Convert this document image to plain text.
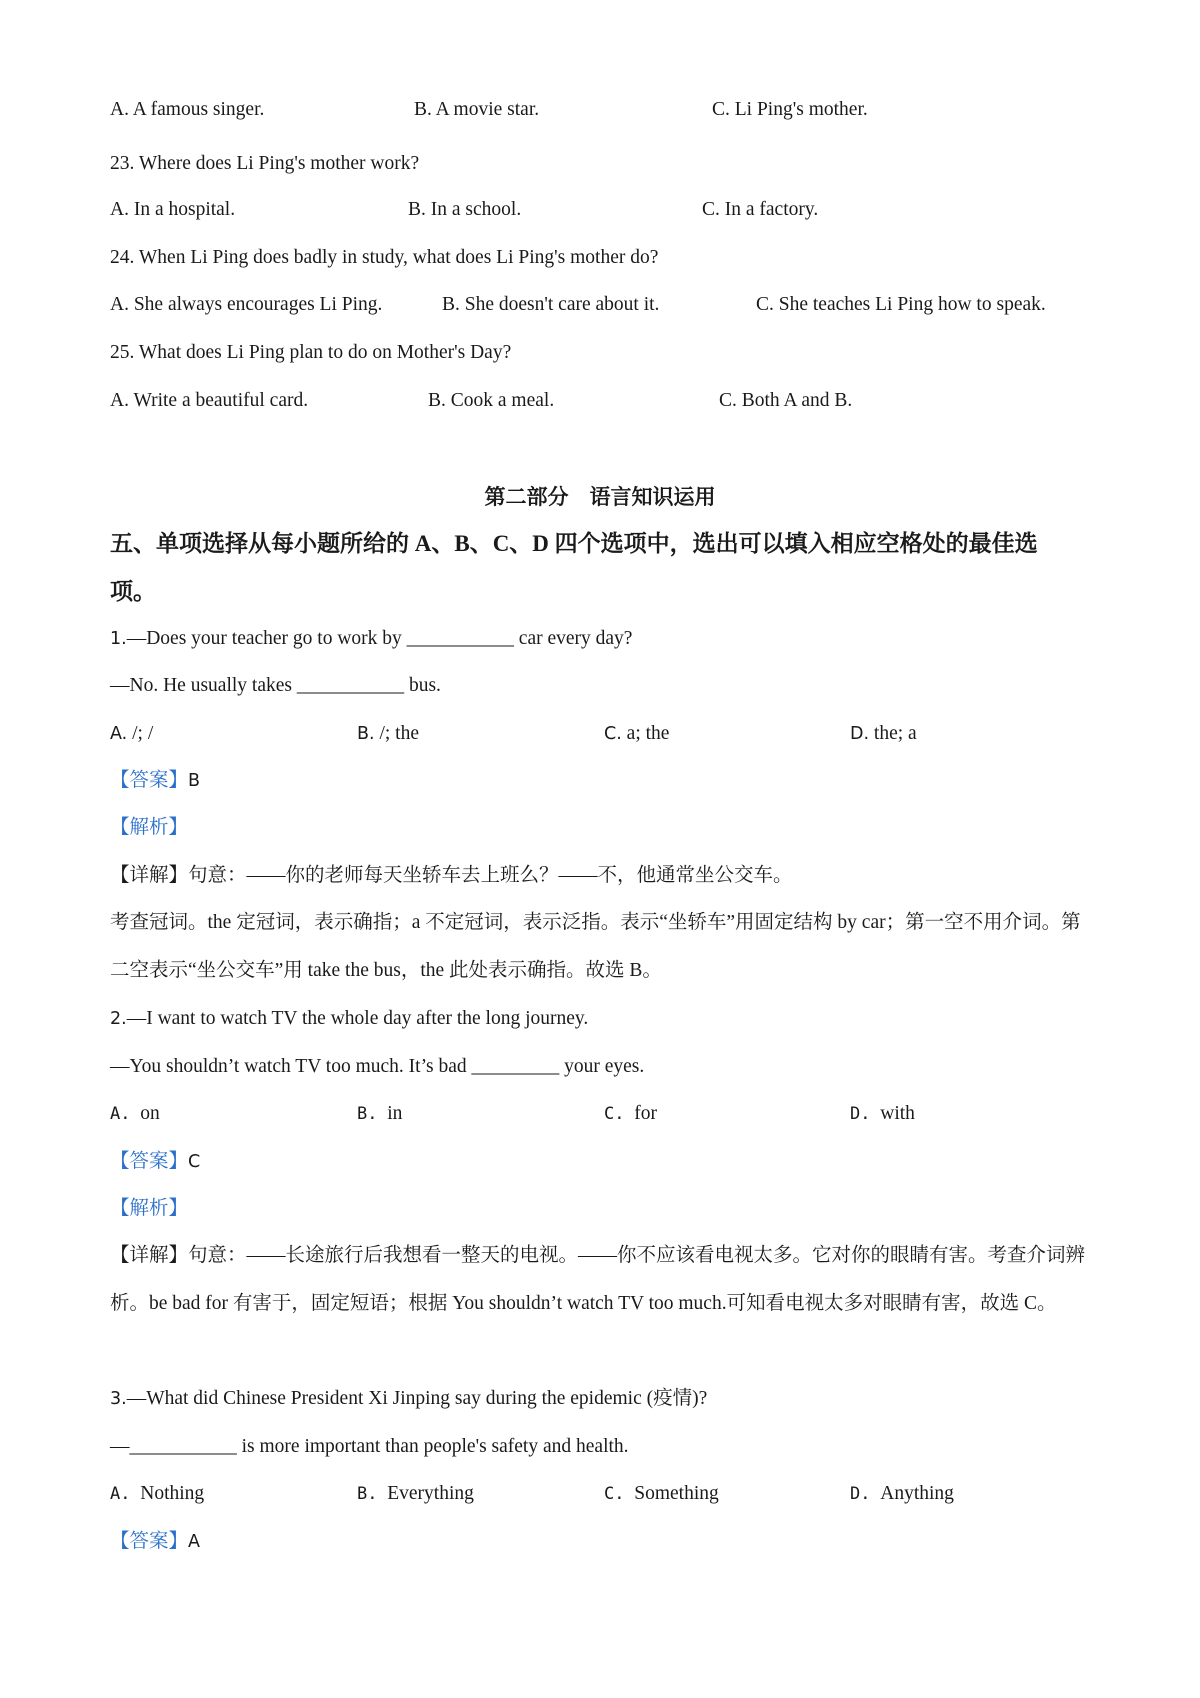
A. A famous singer.	B. A movie star.	C. Li Ping's mother.
23. Where does Li Ping's mother work?
A. In a hospital.	B. In a school.	C. In a factory.
24. When Li Ping does badly in study, what does Li Ping's mother do?
A. She always encourages Li Ping.	B. She doesn't care about it.	C. She teaches Li Ping how to speak.
25. What does Li Ping plan to do on Mother's Day?
A. Write a beautiful card.	B. Cook a meal.	C. Both A and B.
第二部分　语言知识运用
五、单项选择从每小题所给的 A、B、C、D 四个选项中，选出可以填入相应空格处的最佳选
项。
1.—Does your teacher go to work by ___________ car every day?
—No. He usually takes ___________ bus.
A. /; /	B. /; the	C. a; the	D. the; a
【答案】B
【解析】
【详解】句意：——你的老师每天坐轿车去上班么？——不，他通常坐公交车。
考查冠词。the 定冠词，表示确指；a 不定冠词，表示泛指。表示“坐轿车”用固定结构 by car；第一空不用介词。第二空表示“坐公交车”用 take the bus，the 此处表示确指。故选 B。
2.—I want to watch TV the whole day after the long journey.
—You shouldn’t watch TV too much. It’s bad _________ your eyes.
A. on	B. in	C. for	D. with
【答案】C
【解析】
【详解】句意：——长途旅行后我想看一整天的电视。——你不应该看电视太多。它对你的眼睛有害。考查介词辨析。be bad for 有害于，固定短语；根据 You shouldn’t watch TV too much.可知看电视太多对眼睛有害，故选 C。
3.—What did Chinese President Xi Jinping say during the epidemic (疫情)?
—___________ is more important than people's safety and health.
A. Nothing	B. Everything	C. Something	D. Anything
【答案】A
